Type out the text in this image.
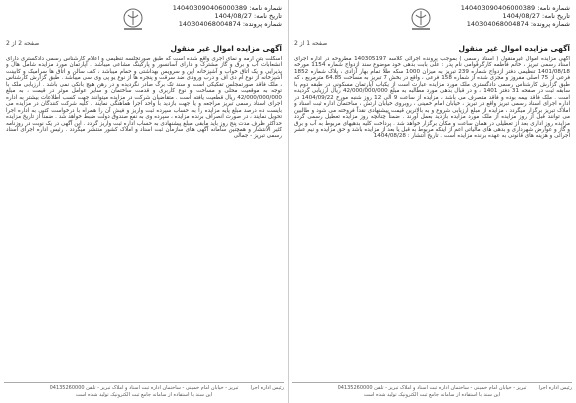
شماره نامه: 140403090406000389
تاریخ نامه: 1404/08/27
شماره پرونده: 140304068004874
صفحه 1 از 2
آگهی مزایده اموال غیر منقول

آگهی مزایده اموال غیرمنقول ( اسناد رسمی ) بموجب پرونده اجرائی کلاسه 140305197 مطروحه در اداره اجرای اسناد رسمی تبریز ، خانم فاطمه کارگرقوامی نام پدر : علی بابت بدهی خود موضوع سند ازدواج شماره 1154 مورخه 1401/08/18 تنظیمی دفتر ازدواج شماره 239 تبریز به میزان 1000 سکه طلا تمام بهار آزادی ، پلاک شماره 1852 فرعی از 75 اصلی مفروز و مجزی شده از شماره 158 فرعی ، واقع در بخش 7 تبریز به مساحت 64.85 مترمربع ، که طبق گزارش کارشناس رسمی دادگستری ملک مورد مزایده عبارت است از یکباب آپارتمان مسکونی در طبقه دوم با سابقه ثبت در صفحه 31 دفتر 1401 ، و در قبال بدهی مورد مطالبه به مبلغ 42/000/000/000 ریال ارزیابی گردیده است . ملک فاقد بیمه بوده و فاقد متصرف می باشد ، مزایده از ساعت 9 الی 12 روز شنبه مورخ 1404/09/22 در اداره اجرای اسناد رسمی تبریز واقع در تبریز ، خیابان امام خمینی ، روبروی خیابان ارتش ، ساختمان اداره ثبت اسناد و املاک تبریز برگزار میگردد ، مزایده از مبلغ ارزیابی شروع و به بالاترین قیمت پیشنهادی نقداً فروخته می شود و طالبین می توانند قبل از روز مزایده از ملک مورد مزایده بازدید بعمل آورند . ضمناً چنانچه روز مزایده تعطیل رسمی گردد مزایده روز اداری بعد از تعطیلی در همان ساعت و مکان برگزار خواهد شد . پرداخت کلیه بدهیهای مربوط به آب و برق و گاز و عوارض شهرداری و بدهی های مالیاتی اعم از اینکه مربوط به قبل یا بعد از مزایده باشد و حق مزایده و نیم عشر اجرائی و هزینه های قانونی به عهده برنده مزایده است . تاریخ انتشار : 1404/08/28

رئیس اداره اجرا
تبریز - خیابان امام خمینی - ساختمان اداره ثبت اسناد و املاک تبریز - تلفن 04135260000
این سند با استفاده از سامانه جامع ثبت الکترونیک تولید شده است
شماره نامه: 140403090406000389
تاریخ نامه: 1404/08/27
شماره پرونده: 140304068004874
صفحه 2 از 2
آگهی مزایده اموال غیر منقول

اسکلت بتن آرمه و نمای آجری واقع شده است که طبق صورتجلسه تنظیمی و اعلام کارشناس رسمی دادگستری دارای انشعابات آب و برق و گاز مشترک و دارای آسانسور و پارکینگ مشاعی میباشد . آپارتمان مورد مزایده شامل هال و پذیرایی و یک اتاق خواب و آشپزخانه اپن و سرویس بهداشتی و حمام میباشد ، کف سالن و اتاق ها سرامیک و کابینت آشپزخانه از نوع ام دی اف و درب ورودی ضد سرقت و پنجره ها از نوع یو پی وی سی میباشد . طبق گزارش کارشناس ، ملک فاقد صورتمجلس تفکیکی است و سند تک برگ صادر نگردیده و در رهن هیچ بانکی نمی باشد . ارزیابی ملک با توجه به موقعیت محلی و مساحت و نوع کاربری و قدمت ساختمان و سایر عوامل موثر در قیمت ، به مبلغ 42/000/000/000 ریال قطعیت یافته است . متقاضیان شرکت در مزایده میتوانند جهت کسب اطلاعات بیشتر به اداره اجرای اسناد رسمی تبریز مراجعه و یا جهت بازدید با واحد اجرا هماهنگی نمایند . کلیه شرکت کنندگان در مزایده می بایست ده درصد مبلغ پایه مزایده را به حساب سپرده ثبت واریز و فیش آن را همراه با درخواست کتبی به اداره اجرا تحویل نمایند ، در صورت انصراف برنده مزایده ، سپرده وی به نفع صندوق دولت ضبط خواهد شد . ضمناً از تاریخ مزایده حداکثر ظرف مدت پنج روز باید مابقی مبلغ پیشنهادی به حساب اداره ثبت واریز گردد . این آگهی در یک نوبت در روزنامه کثیر الانتشار و همچنین سامانه آگهی های سازمان ثبت اسناد و املاک کشور منتشر میگردد . رئیس اداره اجرای اسناد رسمی تبریز - جمالی

رئیس اداره اجرا
تبریز - خیابان امام خمینی - ساختمان اداره ثبت اسناد و املاک تبریز - تلفن 04135260000
این سند با استفاده از سامانه جامع ثبت الکترونیک تولید شده است
